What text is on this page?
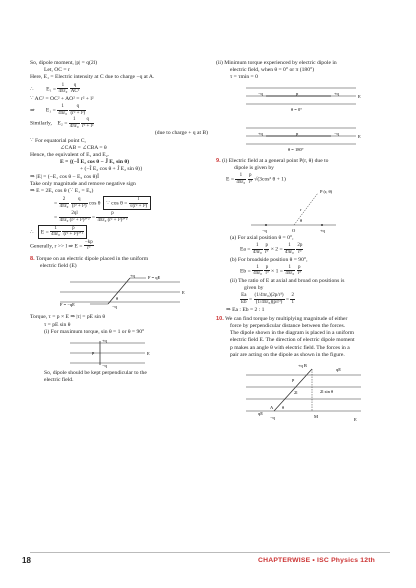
So, dipole moment, |p| = q(2l)
Let, OC = r
Here, E₁ = Electric intensity at C due to charge −q at A.
∴ $E_1 = \frac{1}{\text{4πε₀}}$
$\frac{q}{\text{AC²}}$
∵ AC² = OC² + AO² = r² + l²
⇒ $E_1 = \frac{1}{\text{4πε₀}}$
$\frac{q}{\text{(r² + l²)}}$
Similarly, $E_2 = \frac{1}{\text{4πε₀}}$
$\frac{q}{\text{r² + l²}}$
(due to charge + q at B)
∵ For equatorial point C,
∠CAB = ∠CBA = θ
Hence, the equivalent of E₁ and E₂.
E = {(−Î E₁ cos θ − Ĵ E₁ sin θ)
+ (−Î E₂ cos θ + Ĵ E₂ sin θ)}
⇒ |E| = (−E₁ cos θ − E₂ cos θ)Î
Take only magnitude and remove negative sign
⇒ E = 2E₁ cos θ (∵ E₁ = E₂)
= $\frac{2}{\text{4πε₀}}$
$\frac{q}{\text{(r² + l²)}}$ cos θ ∵ $\cos \theta = \frac{l}{\text{√(r² + l²)}}$
= $\frac{2ql}{\text{4πε₀ (r² + l²)³ᐟ²}} = \frac{p}{\text{4πε₀ (r² + l²)³ᐟ²}}$
∴ $E = \frac{1}{\text{4πε₀}}$
$\frac{p}{\text{(r² + l²)³ᐟ²}}$
Generally, r >> l ⇒ $E = \frac{-kp}{\text{r³}}$
8. Torque on an electric dipole placed in the uniform
electric field (E)
+q	F = qE
E
F = −qE	−q
θ
Torque, τ = p × E ⇒ |τ| = pE sin θ
τ = pE sin θ
(i) For maximum torque, sin θ = 1 or θ = 90°
+q
p
−q
E
So, dipole should be kept perpendicular to the
electric field.
(ii) Minimum torque experienced by electric dipole in
electric field, when θ = 0° or π (180°)
τ = τmin = 0
−q	+q
p
θ = 0°
E
+q	−q
p
θ = 180°
E
9. (i) Electric field at a general point P(r, θ) due to
dipole is given by
$E = \frac{1}{\text{4πε₀}}$
$\frac{p}{\text{r³}} √(3\cos^2$ θ + 1)
P (r, θ)
r
θ
−q	O	+q
(a) For axial position θ = 0°,
$Ea = \frac{1}{\text{4πε₀}}$
$\frac{p}{\text{r³}} \times 2 = \frac{1}{\text{4πε₀}}$
$\frac{2p}{\text{r³}}$
(b) For broadside position θ = 90°,
$Eb = \frac{1}{\text{4πε₀}}$
$\frac{p}{\text{r³}} \times 1 = \frac{1}{\text{4πε₀}}$
$\frac{p}{\text{r³}}$
(ii) The ratio of E at axial and broad on positions is
given by
$\frac{Ea}{Eb} = \frac{\text{(1/4πε₀)(2p/r³)}}{\text{(1/4πε₀)(p/r³)}} = \frac{2}{1}$
⇒ Ea : Eb = 2 : 1
10. We can find torque by multiplying magnitude of either
force by perpendicular distance between the forces.
The dipole shown in the diagram is placed in a uniform
electric field E. The direction of electric dipole moment
p makes an angle θ with electric field. The forces in a
pair are acting on the dipole as shown in the figure.
+q B
qE
p
2l	2l sin θ
qE
A
−q
θ
M
E
18	CHAPTERWISE • ISC Physics 12th
